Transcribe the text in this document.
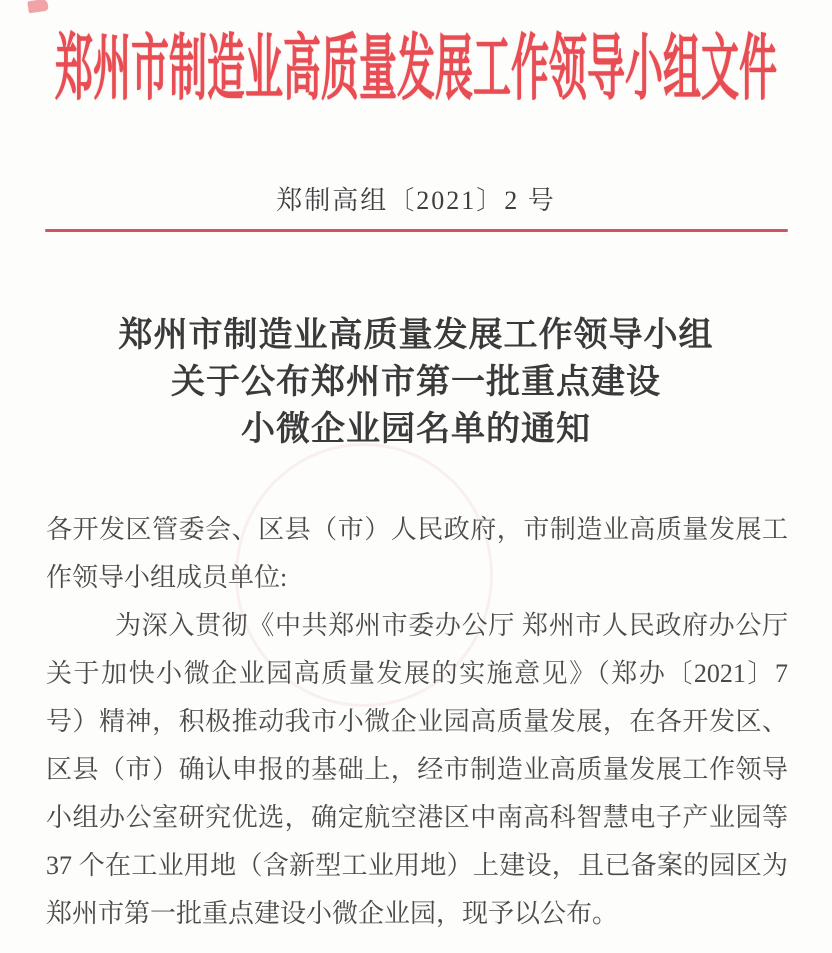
郑州市制造业高质量发展工作领导小组文件
郑制高组〔2021〕2 号
郑州市制造业高质量发展工作领导小组
关于公布郑州市第一批重点建设
小微企业园名单的通知
各开发区管委会、区县（市）人民政府，市制造业高质量发展工
作领导小组成员单位:
为深入贯彻《中共郑州市委办公厅 郑州市人民政府办公厅
关于加快小微企业园高质量发展的实施意见》（郑办〔2021〕7
号）精神，积极推动我市小微企业园高质量发展，在各开发区、
区县（市）确认申报的基础上，经市制造业高质量发展工作领导
小组办公室研究优选，确定航空港区中南高科智慧电子产业园等
37 个在工业用地（含新型工业用地）上建设，且已备案的园区为
郑州市第一批重点建设小微企业园，现予以公布。
